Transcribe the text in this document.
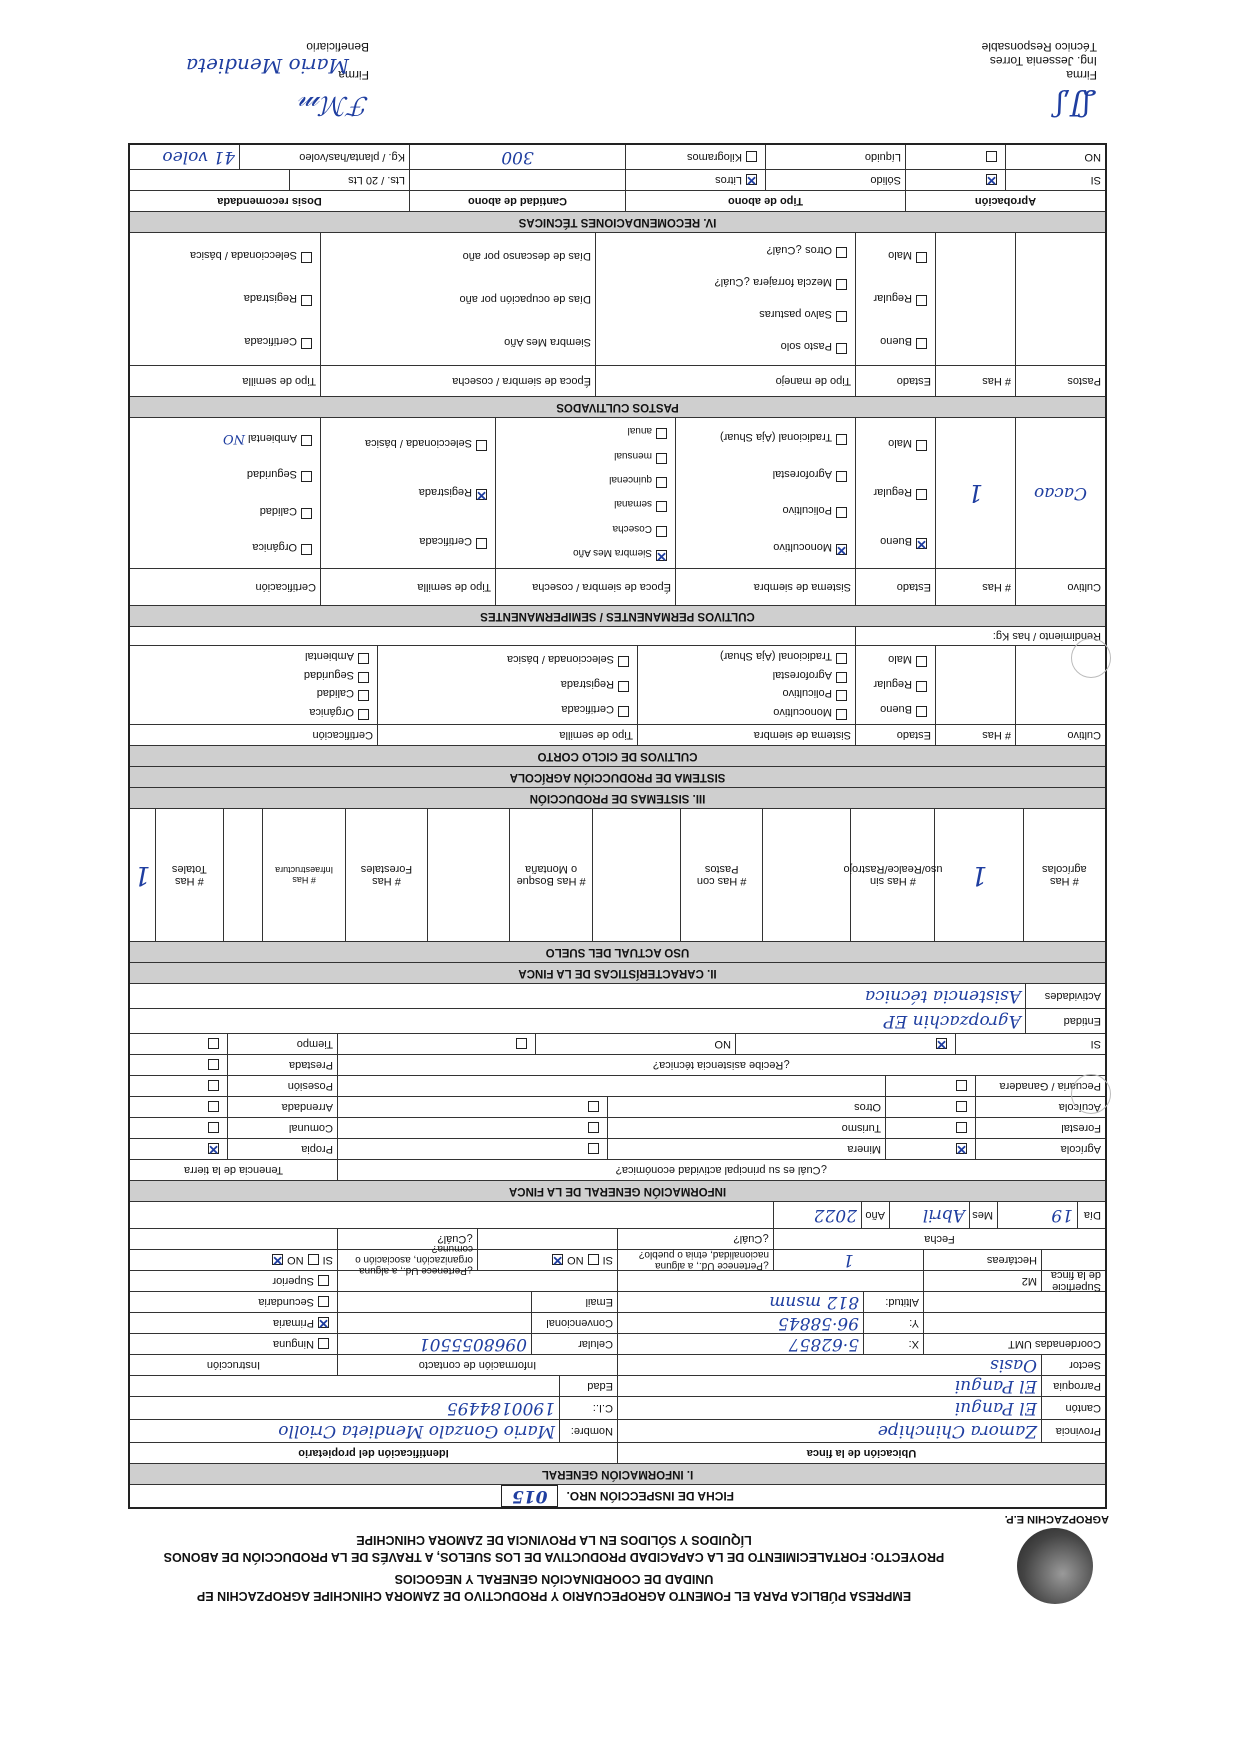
AGROPZACHIN E.P.
EMPRESA PÚBLICA PARA EL FOMENTO AGROPECUARIO Y PRODUCTIVO DE ZAMORA CHINCHIPE AGROPZACHIN EP
UNIDAD DE COORDINACIÓN GENERAL Y NEGOCIOS
PROYECTO: FORTALECIMIENTO DE LA CAPACIDAD PRODUCTIVA DE LOS SUELOS, A TRAVÉS DE LA PRODUCCIÓN DE ABONOS
LÍQUIDOS Y SÓLIDOS EN LA PROVINCIA DE ZAMORA CHINCHIPE
FICHA DE INSPECCIÓN NRO.
015
I. INFORMACIÓN GENERAL
Ubicación de la finca
Identificación del propietario
Provincia
Zamora Chinchipe
Nombre:
Mario Gonzalo Mendieta Criollo
Cantón
El Pangui
C.I.:
1900184495
Parroquia
El Pangui
Edad
Sector
Oasis
Información de contacto
Instrucción
Coordenadas UMT
X:
5·62857
Celular
0968055501
Ninguna
Y:
96·58845
Convencional
✕
Primaria
Altitud:
812 msnm
Email
Secundaria
Superficie de la finca
M2
Superior
Hectáreas
1
¿Pertenece Ud., a alguna nacionalidad, etnia o pueblo?
SI
NO
✕
¿Pertenece Ud., a alguna organización, asociación o comuna?
SI
NO
✕
Fecha
¿Cuál?
¿Cuál?
Día
19
Mes
Abril
Año
2022
INFORMACIÓN GENERAL DE LA FINCA
¿Cuál es su principal actividad económica?
Tenencia de la tierra
Agrícola
✕
Minera
Propia
✕
Forestal
Turismo
Comunal
Acuícola
Otros
Arrendada
Pecuaria / Ganadera
Posesión
¿Recibe asistencia técnica?
Prestada
SI
✕
NO
Tiempo
Entidad
Agropzachin EP
Actividades
Asistencia técnica
II. CARACTERÍSTICAS DE LA FINCA
USO ACTUAL DEL SUELO
# Has agrícolas
1
# Has sin uso/Realce/Rastrojo
# Has con Pastos
# Has Bosque o Montaña
# Has Forestales
# Has Infraestructura
# Has Totales
1
III. SISTEMAS DE PRODUCCIÓN
SISTEMA DE PRODUCCIÓN AGRÍCOLA
CULTIVOS DE CICLO CORTO
Cultivo
# Has
Estado
Sistema de siembra
Tipo de semilla
Certificación
Bueno
Regular
Malo
Monocultivo
Policultivo
Agroforestal
Tradicional (Aja Shuar)
Certificada
Registrada
Seleccionada / básica
Orgánica
Calidad
Seguridad
Ambiental
Rendimiento / has Kg:
CULTIVOS PERMANENTES / SEMIPERMANENTES
Cultivo
# Has
Estado
Sistema de siembra
Época de siembra / cosecha
Tipo de semilla
Certificación
Cacao
1
✕Bueno
Regular
Malo
✕Monocultivo
Policultivo
Agroforestal
Tradicional (Aja Shuar)
✕Siembra Mes Año
Cosecha
semanal
quincenal
mensual
anual
Certificada
✕Registrada
Seleccionada / básica
Orgánica
Calidad
Seguridad
Ambiental NO
PASTOS CULTIVADOS
Pastos
# Has
Estado
Tipo de manejo
Época de siembra / cosecha
Tipo de semilla
Bueno
Regular
Malo
Pasto solo
Salvo pasturas
Mezcla forrajera ¿Cuál?
Otros ¿Cuál?
Siembra Mes Año
Días de ocupación por año
Días de descanso por año
Certificada
Registrada
Seleccionada / básica
IV. RECOMENDACIONES TÉCNICAS
Aprobación
Tipo de abono
Cantidad de abono
Dosis recomendada
SI
✕
Sólido
✕
Litros
Lts. / 20 Lts
NO
Líquido
Kilogramos
300
Kg. / planta/has/voleo
41 voleo
ʆJ͵ʃ
Firma
Ing. Jessenia Torres
Técnico Responsable
ℱℳ𝓂
Firma
Mario Mendieta
Beneficiario
